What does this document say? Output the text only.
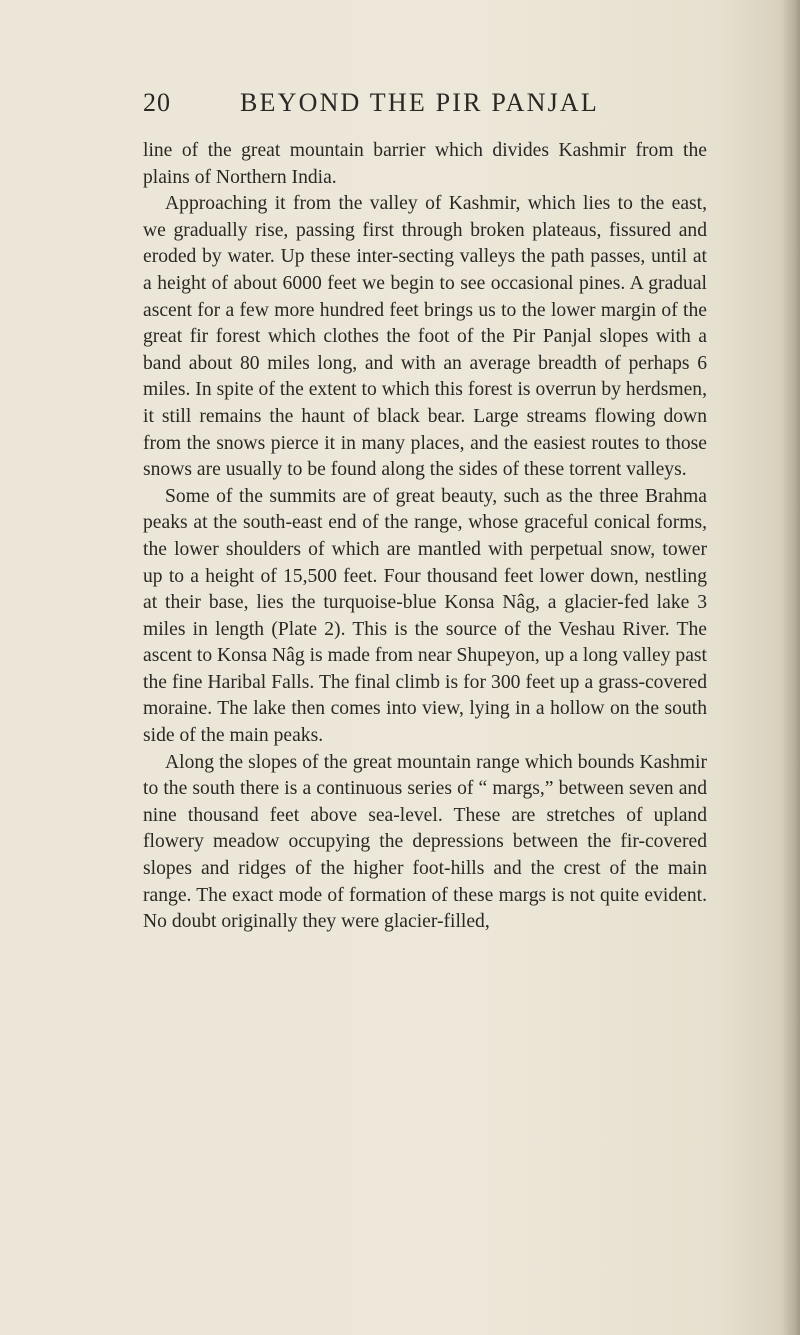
20	BEYOND THE PIR PANJAL

line of the great mountain barrier which divides Kashmir from the plains of Northern India.

Approaching it from the valley of Kashmir, which lies to the east, we gradually rise, passing first through broken plateaus, fissured and eroded by water. Up these inter-secting valleys the path passes, until at a height of about 6000 feet we begin to see occasional pines. A gradual ascent for a few more hundred feet brings us to the lower margin of the great fir forest which clothes the foot of the Pir Panjal slopes with a band about 80 miles long, and with an average breadth of perhaps 6 miles. In spite of the extent to which this forest is overrun by herdsmen, it still remains the haunt of black bear. Large streams flowing down from the snows pierce it in many places, and the easiest routes to those snows are usually to be found along the sides of these torrent valleys.

Some of the summits are of great beauty, such as the three Brahma peaks at the south-east end of the range, whose graceful conical forms, the lower shoulders of which are mantled with perpetual snow, tower up to a height of 15,500 feet. Four thousand feet lower down, nestling at their base, lies the turquoise-blue Konsa Nâg, a glacier-fed lake 3 miles in length (Plate 2). This is the source of the Veshau River. The ascent to Konsa Nâg is made from near Shupeyon, up a long valley past the fine Haribal Falls. The final climb is for 300 feet up a grass-covered moraine. The lake then comes into view, lying in a hollow on the south side of the main peaks.

Along the slopes of the great mountain range which bounds Kashmir to the south there is a continuous series of “ margs,” between seven and nine thousand feet above sea-level. These are stretches of upland flowery meadow occupying the depressions between the fir-covered slopes and ridges of the higher foot-hills and the crest of the main range. The exact mode of formation of these margs is not quite evident. No doubt originally they were glacier-filled,
